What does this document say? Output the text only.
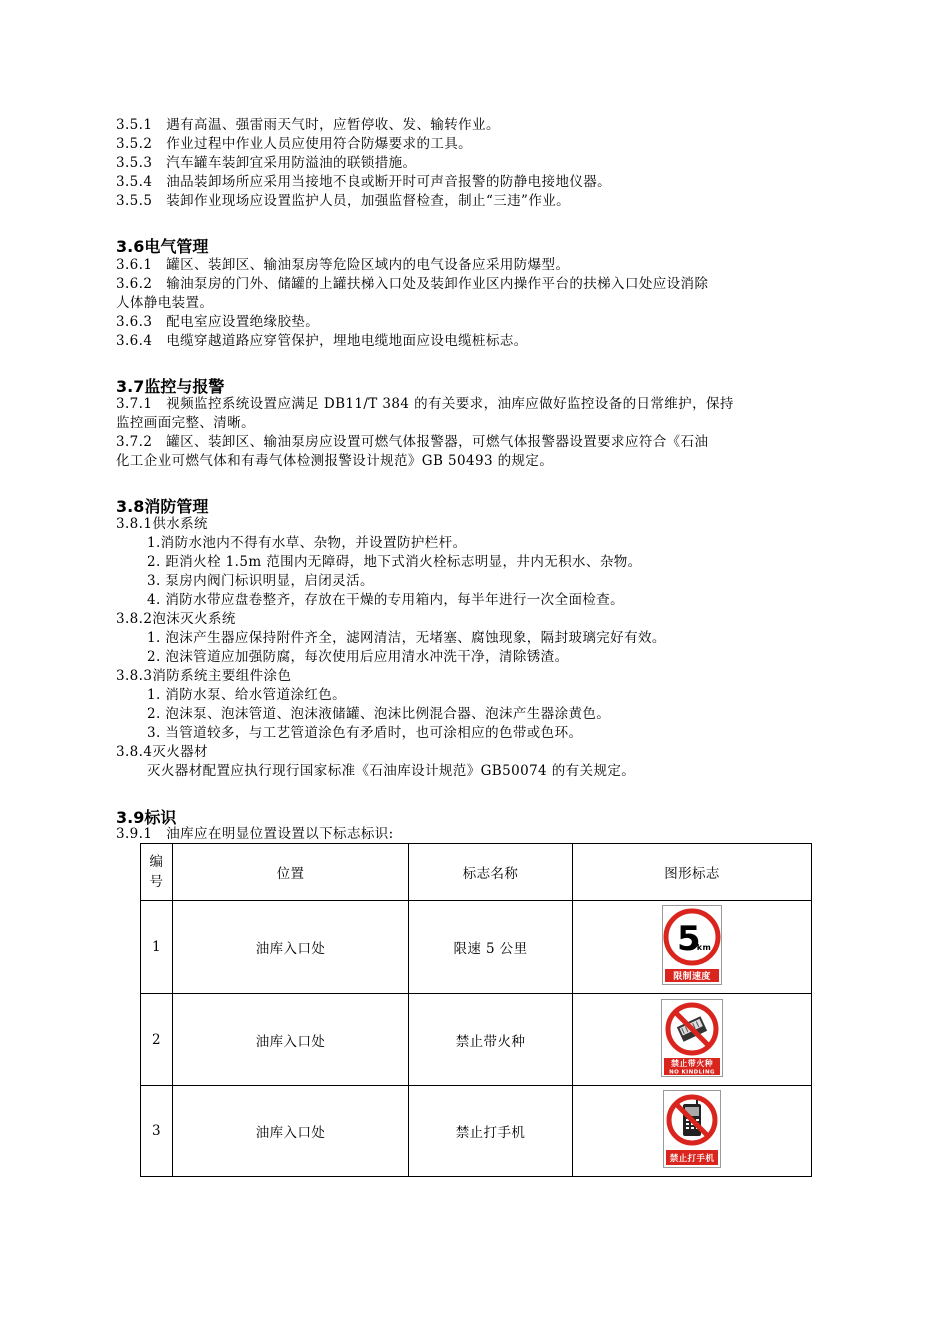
3.5.1　遇有高温、强雷雨天气时，应暂停收、发、输转作业。
3.5.2　作业过程中作业人员应使用符合防爆要求的工具。
3.5.3　汽车罐车装卸宜采用防溢油的联锁措施。
3.5.4　油品装卸场所应采用当接地不良或断开时可声音报警的防静电接地仪器。
3.5.5　装卸作业现场应设置监护人员，加强监督检查，制止“三违”作业。
3.6电气管理
3.6.1　罐区、装卸区、输油泵房等危险区域内的电气设备应采用防爆型。
3.6.2　输油泵房的门外、储罐的上罐扶梯入口处及装卸作业区内操作平台的扶梯入口处应设消除
人体静电装置。
3.6.3　配电室应设置绝缘胶垫。
3.6.4　电缆穿越道路应穿管保护，埋地电缆地面应设电缆桩标志。
3.7监控与报警
3.7.1　视频监控系统设置应满足 DB11/T 384 的有关要求，油库应做好监控设备的日常维护，保持
监控画面完整、清晰。
3.7.2　罐区、装卸区、输油泵房应设置可燃气体报警器，可燃气体报警器设置要求应符合《石油
化工企业可燃气体和有毒气体检测报警设计规范》GB 50493 的规定。
3.8消防管理
3.8.1供水系统
1.消防水池内不得有水草、杂物，并设置防护栏杆。
2. 距消火栓 1.5m 范围内无障碍，地下式消火栓标志明显，井内无积水、杂物。
3. 泵房内阀门标识明显，启闭灵活。
4. 消防水带应盘卷整齐，存放在干燥的专用箱内，每半年进行一次全面检查。
3.8.2泡沫灭火系统
1. 泡沫产生器应保持附件齐全，滤网清洁，无堵塞、腐蚀现象，隔封玻璃完好有效。
2. 泡沫管道应加强防腐，每次使用后应用清水冲洗干净，清除锈渣。
3.8.3消防系统主要组件涂色
1. 消防水泵、给水管道涂红色。
2. 泡沫泵、泡沫管道、泡沫液储罐、泡沫比例混合器、泡沫产生器涂黄色。
3. 当管道较多，与工艺管道涂色有矛盾时，也可涂相应的色带或色环。
3.8.4灭火器材
灭火器材配置应执行现行国家标准《石油库设计规范》GB50074 的有关规定。
3.9标识
3.9.1　油库应在明显位置设置以下标志标识:
编
号	位置	标志名称	图形标志
1	油库入口处	限速 5 公里	5
km
限制速度

2	油库入口处	禁止带火种	禁止带火种
NO KINDLING

3	油库入口处	禁止打手机	禁止打手机
